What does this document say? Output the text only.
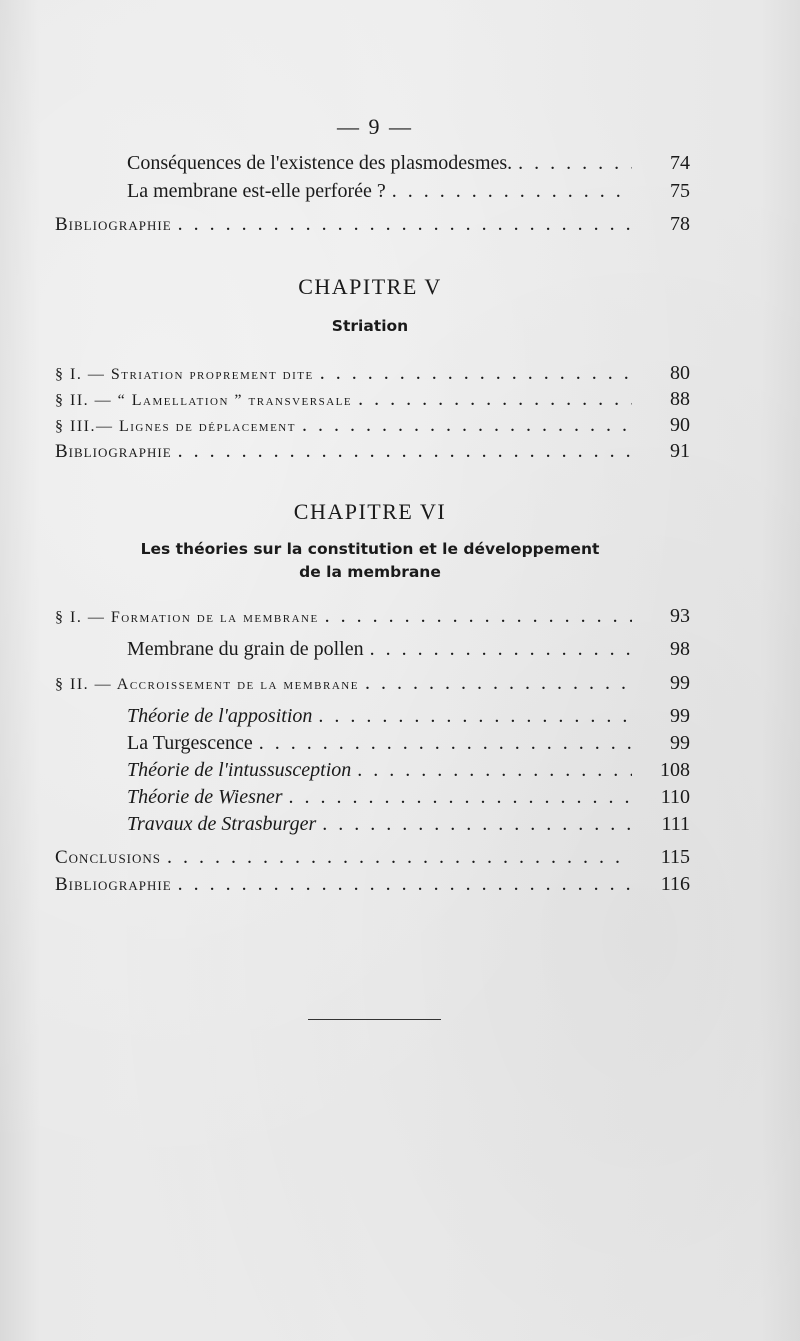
— 9 —
Conséquences de l'existence des plasmodesmes. . . .	74
La membrane est-elle perforée ? . . .	75
Bibliographie . . .	78
CHAPITRE V
Striation
§ I. — Striation proprement dite . . .	80
§ II. — “ Lamellation ” transversale . . .	88
§ III.— Lignes de déplacement . . .	90
Bibliographie . . .	91
CHAPITRE VI
Les théories sur la constitution et le développement
de la membrane
§ I. — Formation de la membrane . . .	93
Membrane du grain de pollen . . .	98
§ II. — Accroissement de la membrane . . .	99
Théorie de l'apposition . . .	99
La Turgescence . . .	99
Théorie de l'intussusception . . .	108
Théorie de Wiesner . . .	110
Travaux de Strasburger . . .	111
Conclusions . . .	115
Bibliographie . . .	116
